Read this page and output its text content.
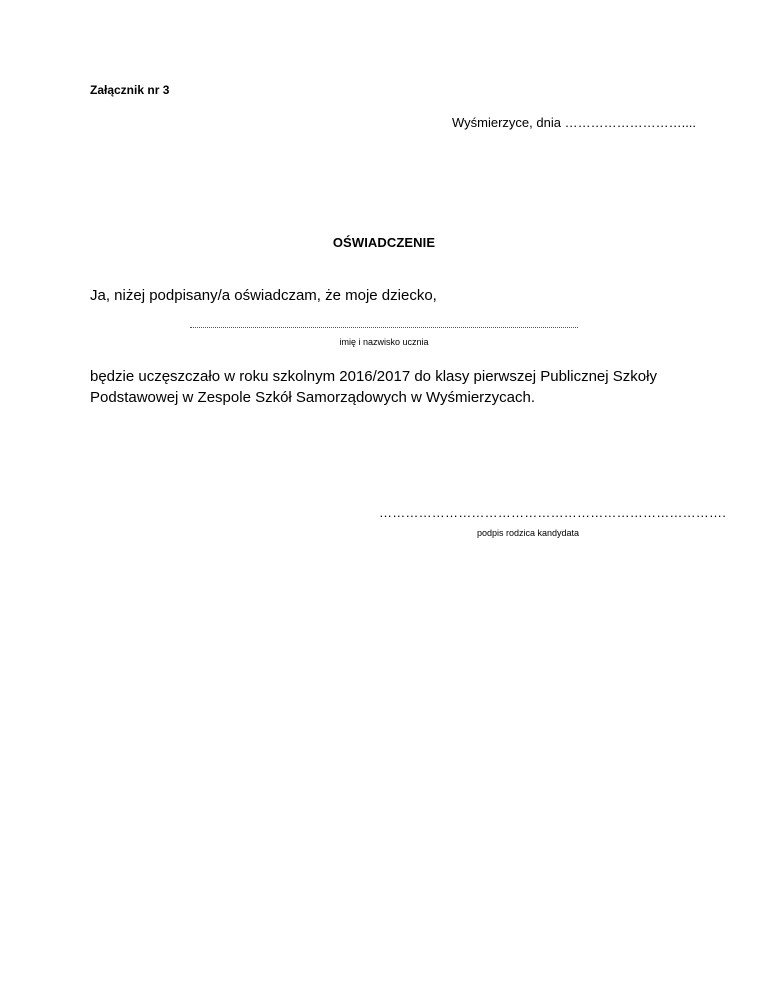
Załącznik nr 3
Wyśmierzyce, dnia ………………………....
OŚWIADCZENIE
Ja, niżej podpisany/a oświadczam, że moje dziecko,
imię i nazwisko ucznia
będzie uczęszczało w roku szkolnym 2016/2017 do klasy pierwszej Publicznej Szkoły
Podstawowej w Zespole Szkół Samorządowych w Wyśmierzycach.
…………………………………………………………………….
podpis rodzica kandydata
